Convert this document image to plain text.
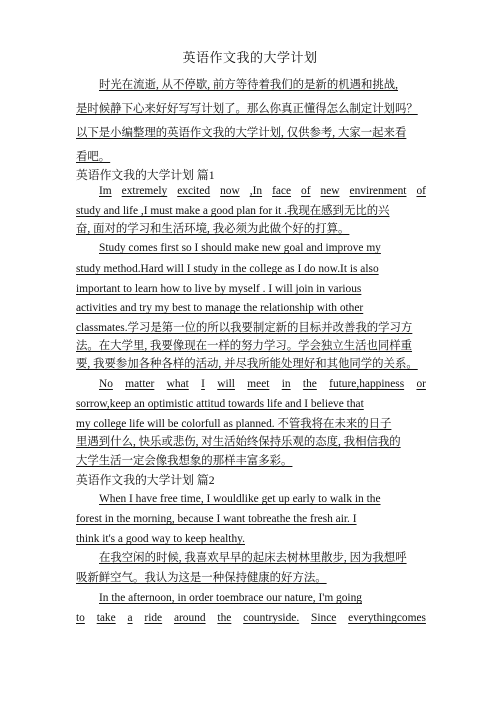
英语作文我的大学计划
时光在流逝, 从不停歇, 前方等待着我们的是新的机遇和挑战,
是时候静下心来好好写写计划了。那么你真正懂得怎么制定计划吗？
以下是小编整理的英语作文我的大学计划, 仅供参考, 大家一起来看
看吧。
英语作文我的大学计划 篇1
Im extremely excited now ,In face of new envirenment of
study and life ,I must make a good plan for it .我现在感到无比的兴
奋, 面对的学习和生活环境, 我必须为此做个好的打算。
Study comes first so I should make new goal and improve my
study method.Hard will I study in the college as I do now.It is also
important to learn how to live by myself . I will join in various
activities and try my best to manage the relationship with other
classmates.学习是第一位的所以我要制定新的目标并改善我的学习方
法。在大学里, 我要像现在一样的努力学习。学会独立生活也同样重
要, 我要参加各种各样的活动, 并尽我所能处理好和其他同学的关系。
No matter what I will meet in the future,happiness or
sorrow,keep an optimistic attitud towards life and I believe that
my college life will be colorfull as planned. 不管我将在未来的日子
里遇到什么, 快乐或悲伤, 对生活始终保持乐观的态度, 我相信我的
大学生活一定会像我想象的那样丰富多彩。
英语作文我的大学计划 篇2
When I have free time, I wouldlike get up early to walk in the
forest in the morning, because I want tobreathe the fresh air. I
think it's a good way to keep healthy.
在我空闲的时候, 我喜欢早早的起床去树林里散步, 因为我想呼
吸新鲜空气。我认为这是一种保持健康的好方法。
In the afternoon, in order toembrace our nature, I'm going
to take a ride around the countryside. Since everythingcomes
